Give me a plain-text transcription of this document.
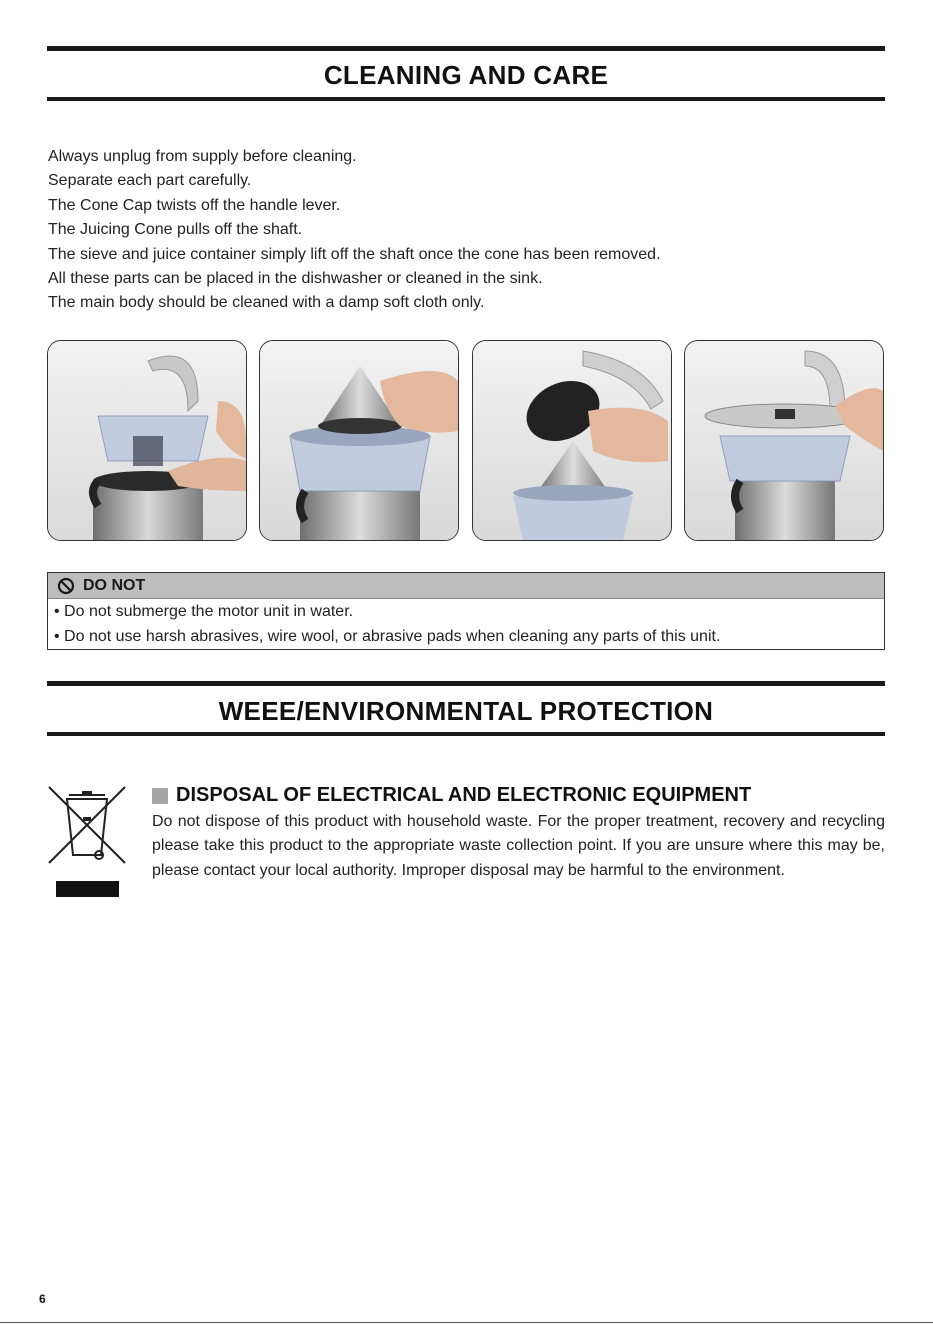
CLEANING AND CARE

Always unplug from supply before cleaning.

Separate each part carefully.

The Cone Cap twists off the handle lever.

The Juicing Cone pulls off the shaft.

The sieve and juice container simply lift off the shaft once the cone has been removed.

All these parts can be placed in the dishwasher or cleaned in the sink.

The main body should be cleaned with a damp soft cloth only.

DO NOT
• Do not submerge the motor unit in water.
• Do not use harsh abrasives, wire wool, or abrasive pads when cleaning any parts of this unit.
WEEE/ENVIRONMENTAL PROTECTION
DISPOSAL OF ELECTRICAL AND ELECTRONIC EQUIPMENT

Do not dispose of this product with household waste. For the proper treatment, recovery and recycling please take this product to the appropriate waste collection point. If you are unsure where this may be, please contact your local authority. Improper disposal may be harmful to the environment.

6
